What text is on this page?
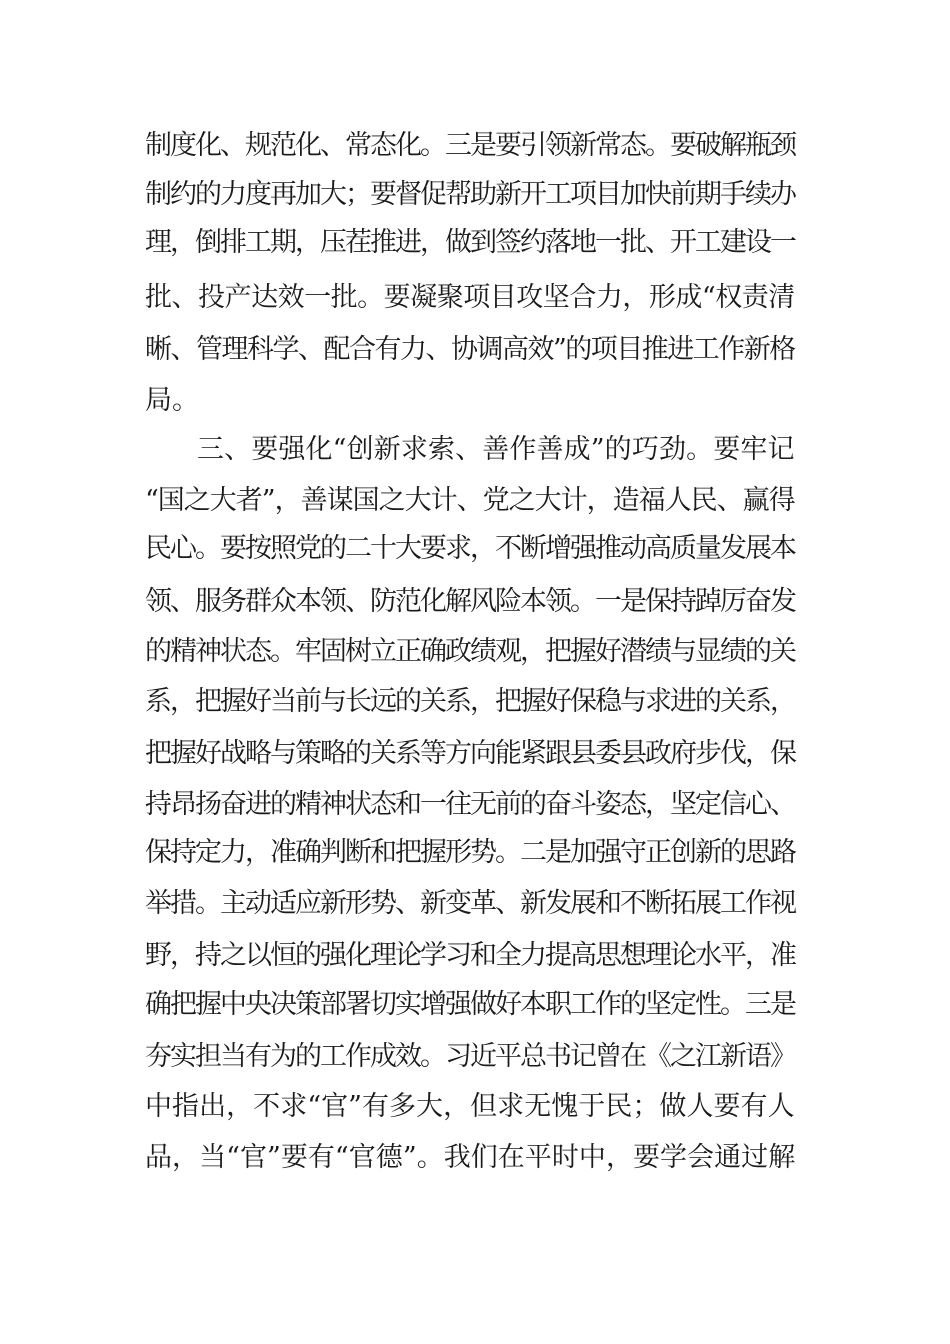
制度化、规范化、常态化。三是要引领新常态。要破解瓶颈
制约的力度再加大；要督促帮助新开工项目加快前期手续办
理，倒排工期，压茬推进，做到签约落地一批、开工建设一
批、投产达效一批。要凝聚项目攻坚合力，形成“权责清
晰、管理科学、配合有力、协调高效”的项目推进工作新格
局。
三、要强化“创新求索、善作善成”的巧劲。要牢记
“国之大者”，善谋国之大计、党之大计，造福人民、赢得
民心。要按照党的二十大要求，不断增强推动高质量发展本
领、服务群众本领、防范化解风险本领。一是保持踔厉奋发
的精神状态。牢固树立正确政绩观，把握好潜绩与显绩的关
系，把握好当前与长远的关系，把握好保稳与求进的关系，
把握好战略与策略的关系等方向能紧跟县委县政府步伐，保
持昂扬奋进的精神状态和一往无前的奋斗姿态，坚定信心、
保持定力，准确判断和把握形势。二是加强守正创新的思路
举措。主动适应新形势、新变革、新发展和不断拓展工作视
野，持之以恒的强化理论学习和全力提高思想理论水平，准
确把握中央决策部署切实增强做好本职工作的坚定性。三是
夯实担当有为的工作成效。习近平总书记曾在《之江新语》
中指出，不求“官”有多大，但求无愧于民；做人要有人
品，当“官”要有“官德”。我们在平时中，要学会通过解
